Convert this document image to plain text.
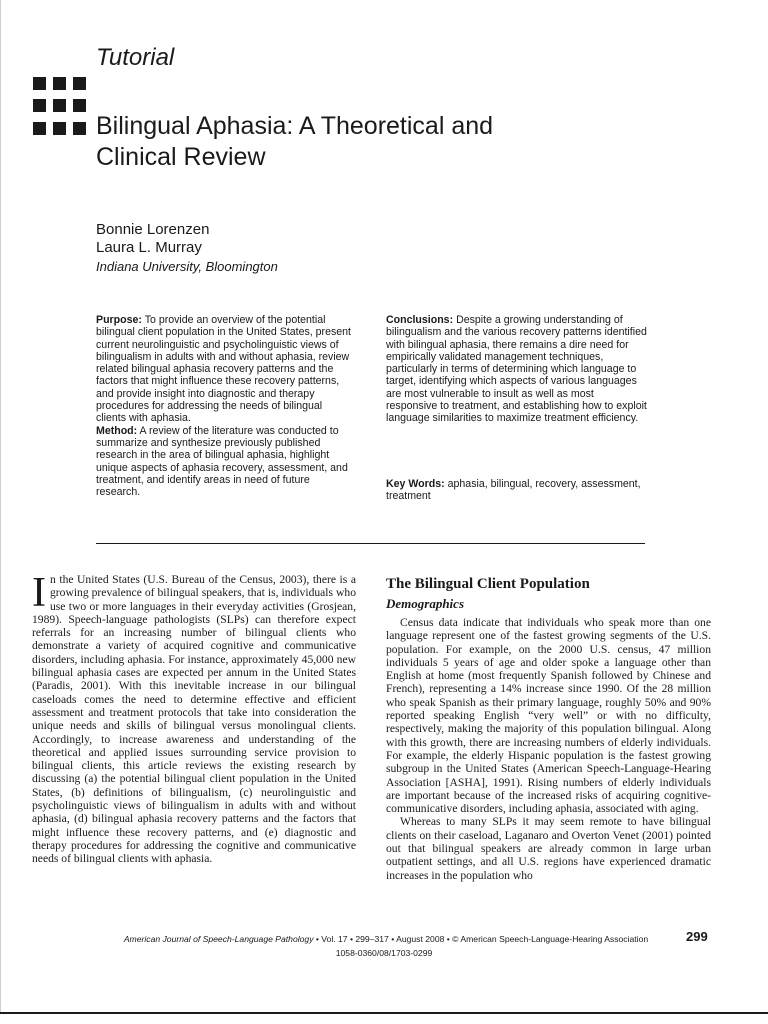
Tutorial
Bilingual Aphasia: A Theoretical and Clinical Review
Bonnie Lorenzen
Laura L. Murray
Indiana University, Bloomington

Purpose: To provide an overview of the potential bilingual client population in the United States, present current neurolinguistic and psycholinguistic views of bilingualism in adults with and without aphasia, review related bilingual aphasia recovery patterns and the factors that might influence these recovery patterns, and provide insight into diagnostic and therapy procedures for addressing the needs of bilingual clients with aphasia.

Method: A review of the literature was conducted to summarize and synthesize previously published research in the area of bilingual aphasia, highlight unique aspects of aphasia recovery, assessment, and treatment, and identify areas in need of future research.

Conclusions: Despite a growing understanding of bilingualism and the various recovery patterns identified with bilingual aphasia, there remains a dire need for empirically validated management techniques, particularly in terms of determining which language to target, identifying which aspects of various languages are most vulnerable to insult as well as most responsive to treatment, and establishing how to exploit language similarities to maximize treatment efficiency.

Key Words: aphasia, bilingual, recovery, assessment, treatment

In the United States (U.S. Bureau of the Census, 2003), there is a growing prevalence of bilingual speakers, that is, individuals who use two or more languages in their everyday activities (Grosjean, 1989). Speech-language pathologists (SLPs) can therefore expect referrals for an increasing number of bilingual clients who demonstrate a variety of acquired cognitive and communicative disorders, including aphasia. For instance, approximately 45,000 new bilingual aphasia cases are expected per annum in the United States (Paradis, 2001). With this inevitable increase in our bilingual caseloads comes the need to determine effective and efficient assessment and treatment protocols that take into consideration the unique needs and skills of bilingual versus monolingual clients. Accordingly, to increase awareness and understanding of the theoretical and applied issues surrounding service provision to bilingual clients, this article reviews the existing research by discussing (a) the potential bilingual client population in the United States, (b) definitions of bilingualism, (c) neurolinguistic and psycholinguistic views of bilingualism in adults with and without aphasia, (d) bilingual aphasia recovery patterns and the factors that might influence these recovery patterns, and (e) diagnostic and therapy procedures for addressing the cognitive and communicative needs of bilingual clients with aphasia.

The Bilingual Client Population
Demographics

Census data indicate that individuals who speak more than one language represent one of the fastest growing segments of the U.S. population. For example, on the 2000 U.S. census, 47 million individuals 5 years of age and older spoke a language other than English at home (most frequently Spanish followed by Chinese and French), representing a 14% increase since 1990. Of the 28 million who speak Spanish as their primary language, roughly 50% and 90% reported speaking English “very well” or with no difficulty, respectively, making the majority of this population bilingual. Along with this growth, there are increasing numbers of elderly individuals. For example, the elderly Hispanic population is the fastest growing subgroup in the United States (American Speech-Language-Hearing Association [ASHA], 1991). Rising numbers of elderly individuals are important because of the increased risks of acquiring cognitive-communicative disorders, including aphasia, associated with aging.

Whereas to many SLPs it may seem remote to have bilingual clients on their caseload, Laganaro and Overton Venet (2001) pointed out that bilingual speakers are already common in large urban outpatient settings, and all U.S. regions have experienced dramatic increases in the population who

American Journal of Speech-Language Pathology • Vol. 17 • 299–317 • August 2008 • © American Speech-Language-Hearing Association	299
1058-0360/08/1703-0299
